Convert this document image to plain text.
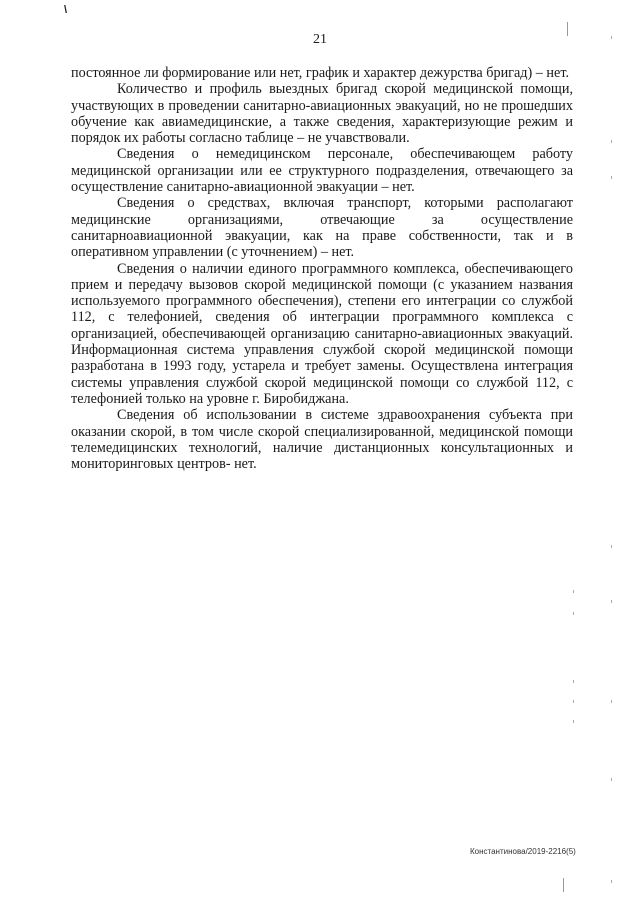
\
21

постоянное ли формирование или нет, график и характер дежурства бригад) – нет.

Количество и профиль выездных бригад скорой медицинской помощи, участвующих в проведении санитарно-авиационных эвакуаций, но не прошедших обучение как авиамедицинские, а также сведения, характеризующие режим и порядок их работы согласно таблице – не учавствовали.

Сведения о немедицинском персонале, обеспечивающем работу медицинской организации или ее структурного подразделения, отвечающего за осуществление санитарно-авиационной эвакуации – нет.

Сведения о средствах, включая транспорт, которыми располагают медицинские организациями, отвечающие за осуществление санитарноавиационной эвакуации, как на праве собственности, так и в оперативном управлении (с уточнением) – нет.

Сведения о наличии единого программного комплекса, обеспечивающего прием и передачу вызовов скорой медицинской помощи (с указанием названия используемого программного обеспечения), степени его интеграции со службой 112, с телефонией, сведения об интеграции программного комплекса с организацией, обеспечивающей организацию санитарно-авиационных эвакуаций. Информационная система управления службой скорой медицинской помощи разработана в 1993 году, устарела и требует замены. Осуществлена интеграция системы управления службой скорой медицинской помощи со службой 112, с телефонией только на уровне г. Биробиджана.

Сведения об использовании в системе здравоохранения субъекта при оказании скорой, в том числе скорой специализированной, медицинской помощи телемедицинских технологий, наличие дистанционных консультационных и мониторинговых центров- нет.

Константинова/2019-2216(5)
